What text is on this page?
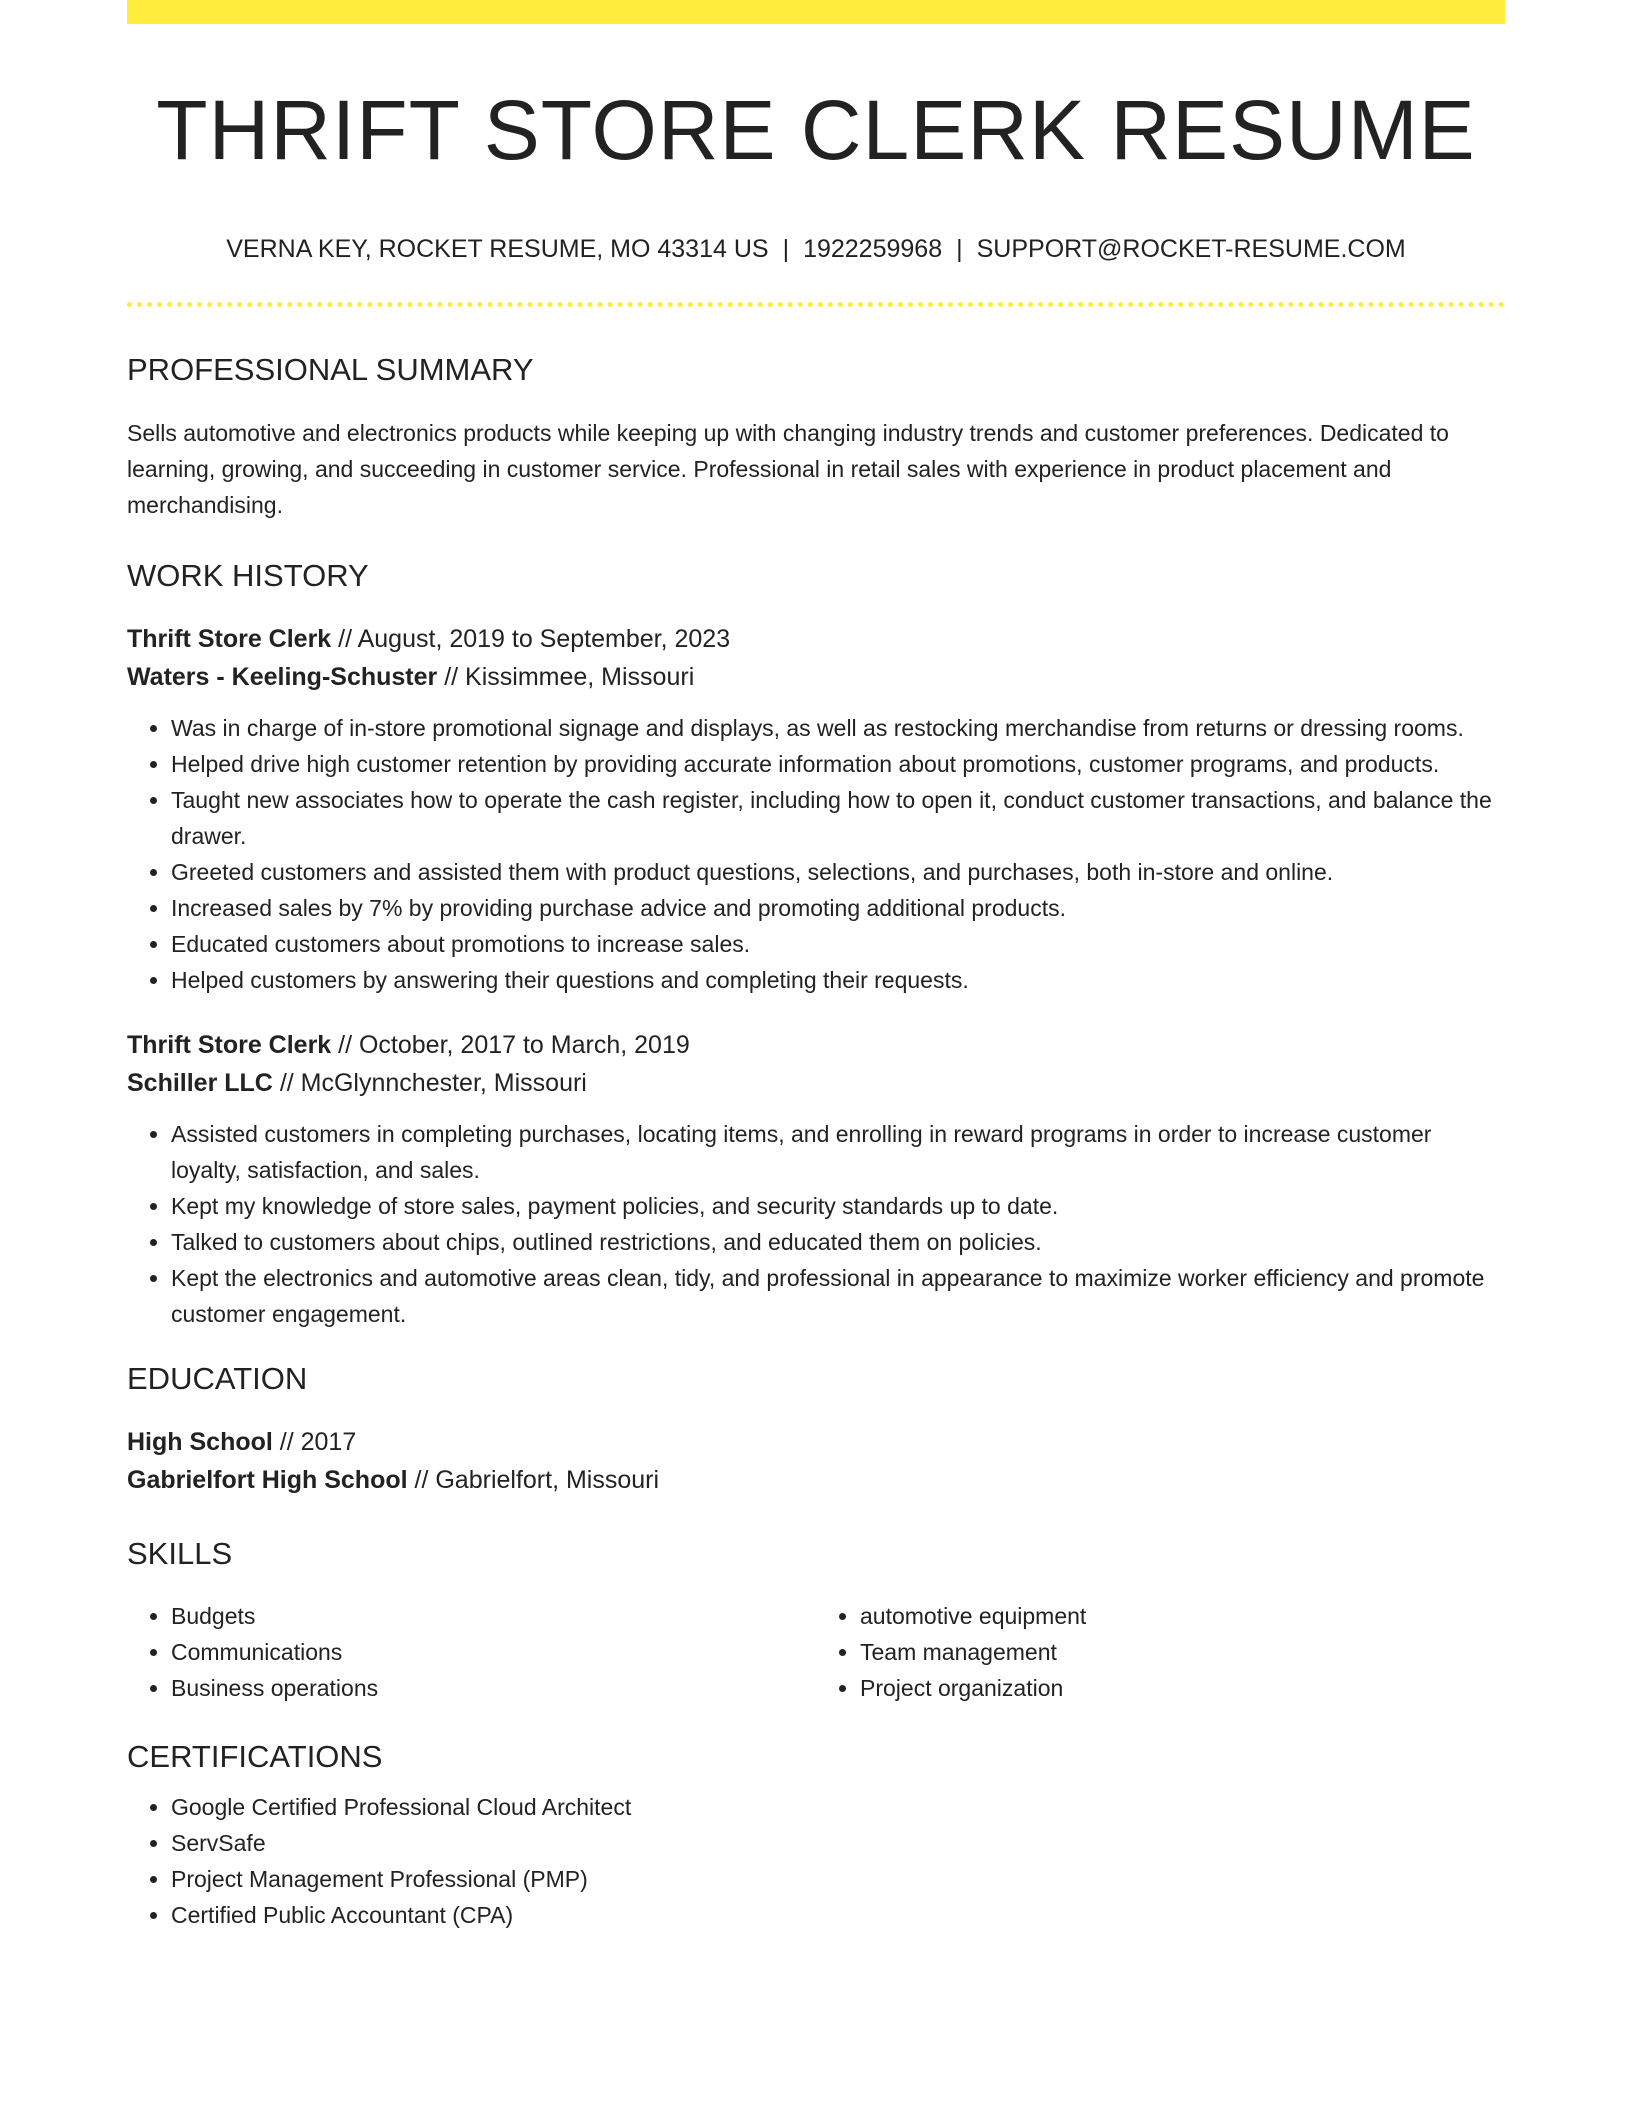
THRIFT STORE CLERK RESUME
VERNA KEY, ROCKET RESUME, MO 43314 US | 1922259968 | SUPPORT@ROCKET-RESUME.COM
PROFESSIONAL SUMMARY
Sells automotive and electronics products while keeping up with changing industry trends and customer preferences. Dedicated to learning, growing, and succeeding in customer service. Professional in retail sales with experience in product placement and merchandising.
WORK HISTORY
Thrift Store Clerk // August, 2019 to September, 2023
Waters - Keeling-Schuster // Kissimmee, Missouri
• Was in charge of in-store promotional signage and displays, as well as restocking merchandise from returns or dressing rooms.
• Helped drive high customer retention by providing accurate information about promotions, customer programs, and products.
• Taught new associates how to operate the cash register, including how to open it, conduct customer transactions, and balance the drawer.
• Greeted customers and assisted them with product questions, selections, and purchases, both in-store and online.
• Increased sales by 7% by providing purchase advice and promoting additional products.
• Educated customers about promotions to increase sales.
• Helped customers by answering their questions and completing their requests.
Thrift Store Clerk // October, 2017 to March, 2019
Schiller LLC // McGlynnchester, Missouri
• Assisted customers in completing purchases, locating items, and enrolling in reward programs in order to increase customer loyalty, satisfaction, and sales.
• Kept my knowledge of store sales, payment policies, and security standards up to date.
• Talked to customers about chips, outlined restrictions, and educated them on policies.
• Kept the electronics and automotive areas clean, tidy, and professional in appearance to maximize worker efficiency and promote customer engagement.
EDUCATION
High School // 2017
Gabrielfort High School // Gabrielfort, Missouri
SKILLS
• Budgets
• Communications
• Business operations
• automotive equipment
• Team management
• Project organization
CERTIFICATIONS
• Google Certified Professional Cloud Architect
• ServSafe
• Project Management Professional (PMP)
• Certified Public Accountant (CPA)
